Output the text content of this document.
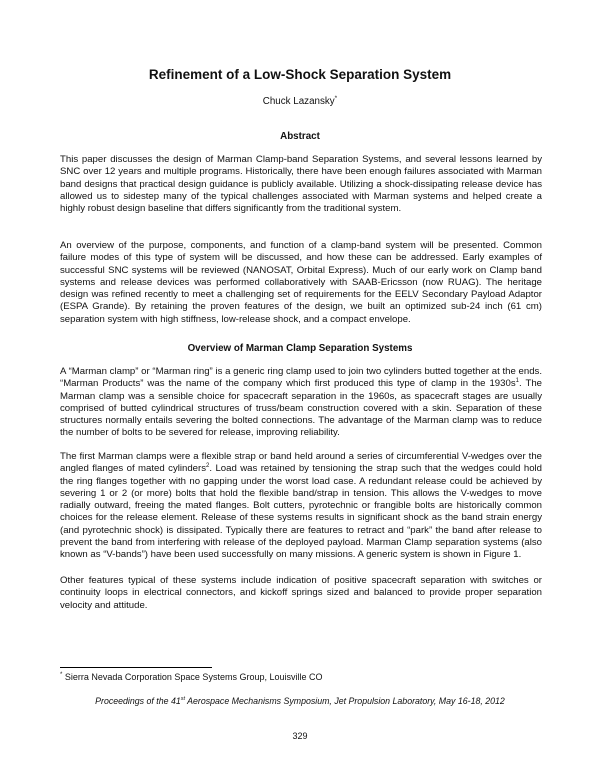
Refinement of a Low-Shock Separation System
Chuck Lazansky*
Abstract

This paper discusses the design of Marman Clamp-band Separation Systems, and several lessons learned by SNC over 12 years and multiple programs. Historically, there have been enough failures associated with Marman band designs that practical design guidance is publicly available. Utilizing a shock-dissipating release device has allowed us to sidestep many of the typical challenges associated with Marman systems and helped create a highly robust design baseline that differs significantly from the traditional system.

An overview of the purpose, components, and function of a clamp-band system will be presented. Common failure modes of this type of system will be discussed, and how these can be addressed. Early examples of successful SNC systems will be reviewed (NANOSAT, Orbital Express). Much of our early work on Clamp band systems and release devices was performed collaboratively with SAAB-Ericsson (now RUAG). The heritage design was refined recently to meet a challenging set of requirements for the EELV Secondary Payload Adaptor (ESPA Grande). By retaining the proven features of the design, we built an optimized sub-24 inch (61 cm) separation system with high stiffness, low-release shock, and a compact envelope.

Overview of Marman Clamp Separation Systems

A “Marman clamp” or “Marman ring” is a generic ring clamp used to join two cylinders butted together at the ends. “Marman Products” was the name of the company which first produced this type of clamp in the $1930s^1$. The Marman clamp was a sensible choice for spacecraft separation in the 1960s, as spacecraft stages are usually comprised of butted cylindrical structures of truss/beam construction covered with a skin. Separation of these structures normally entails severing the bolted connections. The advantage of the Marman clamp was to reduce the number of bolts to be severed for release, improving reliability.

The first Marman clamps were a flexible strap or band held around a series of circumferential V-wedges over the angled flanges of mated cylinders$^2$. Load was retained by tensioning the strap such that the wedges could hold the ring flanges together with no gapping under the worst load case. A redundant release could be achieved by severing 1 or 2 (or more) bolts that hold the flexible band/strap in tension. This allows the V-wedges to move radially outward, freeing the mated flanges. Bolt cutters, pyrotechnic or frangible bolts are historically common choices for the release element. Release of these systems results in significant shock as the band strain energy (and pyrotechnic shock) is dissipated. Typically there are features to retract and “park” the band after release to prevent the band from interfering with release of the deployed payload. Marman Clamp separation systems (also known as “V-bands”) have been used successfully on many missions. A generic system is shown in Figure 1.

Other features typical of these systems include indication of positive spacecraft separation with switches or continuity loops in electrical connectors, and kickoff springs sized and balanced to provide proper separation velocity and attitude.

* Sierra Nevada Corporation Space Systems Group, Louisville CO
Proceedings of the 41st Aerospace Mechanisms Symposium, Jet Propulsion Laboratory, May 16-18, 2012
329
